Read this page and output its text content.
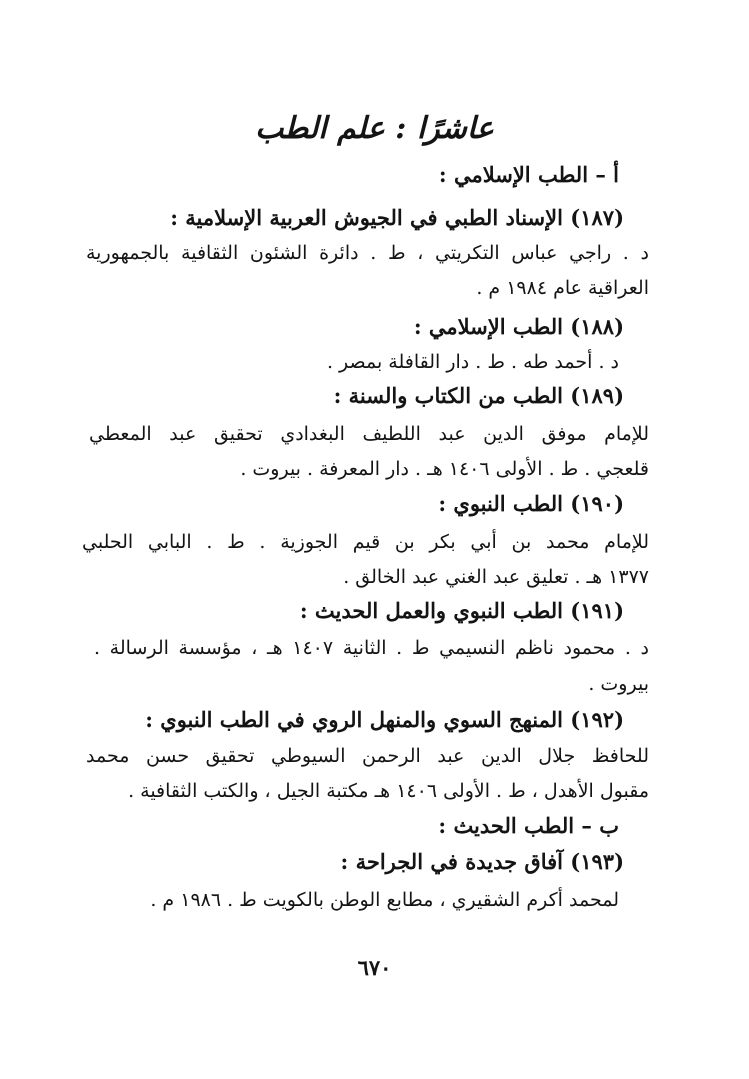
عاشرًا : علم الطب
أ – الطب الإسلامي :
(١٨٧) الإسناد الطبي في الجيوش العربية الإسلامية :
د . راجي عباس التكريتي ، ط . دائرة الشئون الثقافية بالجمهورية
العراقية عام ١٩٨٤ م .
(١٨٨) الطب الإسلامي :
د . أحمد طه . ط . دار القافلة بمصر .
(١٨٩) الطب من الكتاب والسنة :
للإمام موفق الدين عبد اللطيف البغدادي تحقيق عبد المعطي
قلعجي . ط . الأولى ١٤٠٦ هـ . دار المعرفة . بيروت .
(١٩٠) الطب النبوي :
للإمام محمد بن أبي بكر بن قيم الجوزية . ط . البابي الحلبي
١٣٧٧ هـ . تعليق عبد الغني عبد الخالق .
(١٩١) الطب النبوي والعمل الحديث :
د . محمود ناظم النسيمي ط . الثانية ١٤٠٧ هـ ، مؤسسة الرسالة .
بيروت .
(١٩٢) المنهج السوي والمنهل الروي في الطب النبوي :
للحافظ جلال الدين عبد الرحمن السيوطي تحقيق حسن محمد
مقبول الأهدل ، ط . الأولى ١٤٠٦ هـ مكتبة الجيل ، والكتب الثقافية .
ب – الطب الحديث :
(١٩٣) آفاق جديدة في الجراحة :
لمحمد أكرم الشقيري ، مطابع الوطن بالكويت ط . ١٩٨٦ م .
٦٧٠
